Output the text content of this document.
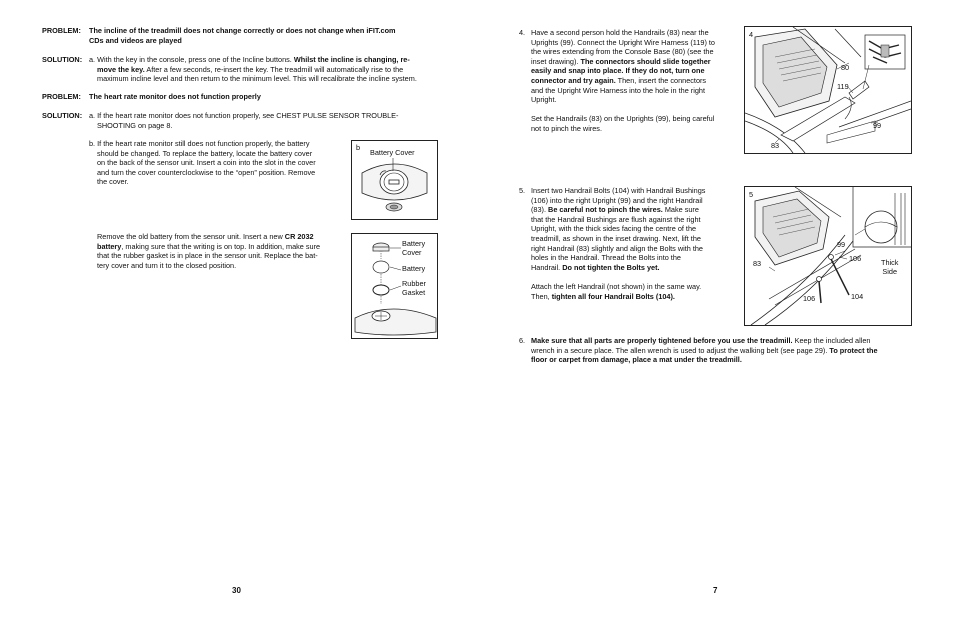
PROBLEM: The incline of the treadmill does not change correctly or does not change when iFIT.com
CDs and videos are played
SOLUTION: a. With the key in the console, press one of the Incline buttons. Whilst the incline is changing, re-
move the key. After a few seconds, re-insert the key. The treadmill will automatically rise to the
maximum incline level and then return to the minimum level. This will recalibrate the incline system.
PROBLEM: The heart rate monitor does not function properly
SOLUTION: a. If the heart rate monitor does not function properly, see CHEST PULSE SENSOR TROUBLE-
SHOOTING on page 8.
b. If the heart rate monitor still does not function properly, the battery
should be changed. To replace the battery, locate the battery cover
on the back of the sensor unit. Insert a coin into the slot in the cover
and turn the cover counterclockwise to the “open” position. Remove
the cover.
Remove the old battery from the sensor unit. Insert a new CR 2032
battery, making sure that the writing is on top. In addition, make sure
that the rubber gasket is in place in the sensor unit. Replace the bat-
tery cover and turn it to the closed position.
b
Battery Cover
Battery
Cover
Battery
Rubber
Gasket
30
4. Have a second person hold the Handrails (83) near the
Uprights (99). Connect the Upright Wire Harness (119) to
the wires extending from the Console Base (80) (see the
inset drawing). The connectors should slide together
easily and snap into place. If they do not, turn one
connector and try again. Then, insert the connectors
and the Upright Wire Harness into the hole in the right
Upright.
Set the Handrails (83) on the Uprights (99), being careful
not to pinch the wires.
4
80
119
99
83
5. Insert two Handrail Bolts (104) with Handrail Bushings
(106) into the right Upright (99) and the right Handrail
(83). Be careful not to pinch the wires. Make sure
that the Handrail Bushings are flush against the right
Upright, with the thick sides facing the centre of the
treadmill, as shown in the inset drawing. Next, lift the
right Handrail (83) slightly and align the Bolts with the
holes in the Handrail. Thread the Bolts into the
Handrail. Do not tighten the Bolts yet.
Attach the left Handrail (not shown) in the same way.
Then, tighten all four Handrail Bolts (104).
5
99
106
83	Thick
Side
106	104
6. Make sure that all parts are properly tightened before you use the treadmill. Keep the included allen
wrench in a secure place. The allen wrench is used to adjust the walking belt (see page 29). To protect the
floor or carpet from damage, place a mat under the treadmill.
7
